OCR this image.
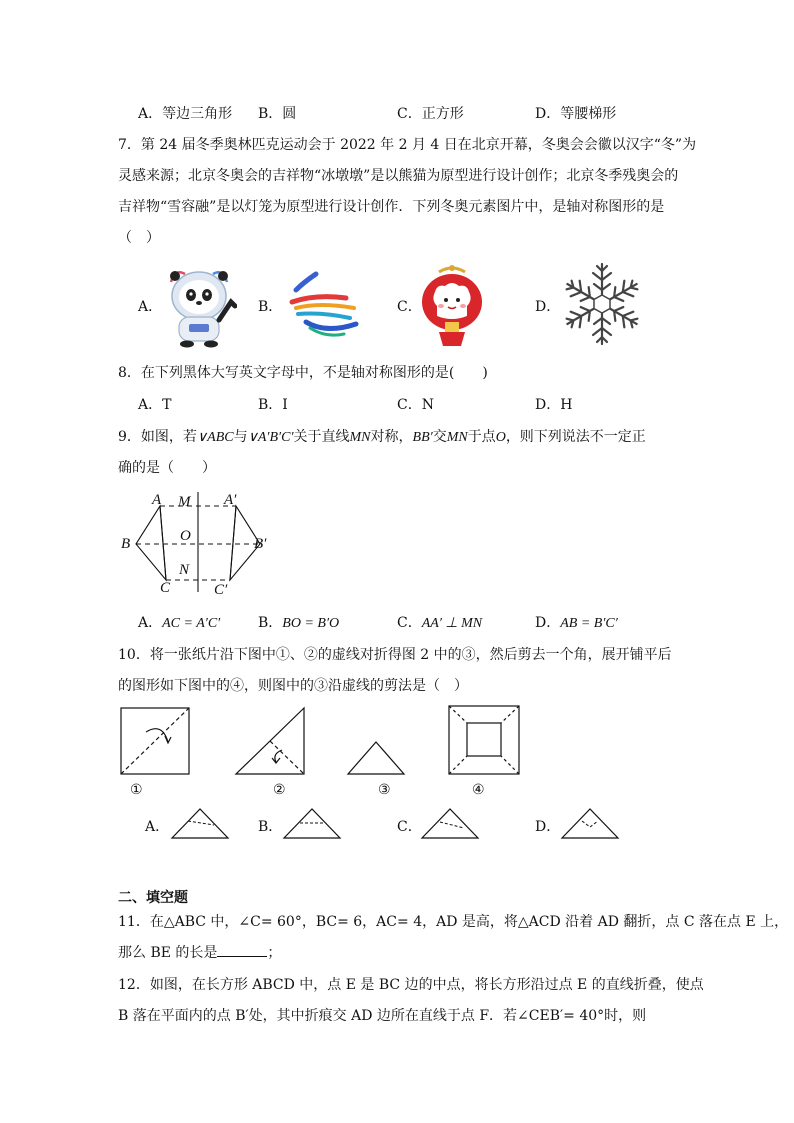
A．等边三角形 B．圆	C．正方形	D．等腰梯形
7．第 24 届冬季奥林匹克运动会于 2022 年 2 月 4 日在北京开幕，冬奥会会徽以汉字“冬”为
灵感来源；北京冬奥会的吉祥物“冰墩墩”是以熊猫为原型进行设计创作；北京冬季残奥会的
吉祥物“雪容融”是以灯笼为原型进行设计创作．下列冬奥元素图片中，是轴对称图形的是
（　）
A．	B．	C．	D．
8．在下列黑体大写英文字母中，不是轴对称图形的是(　　)
A．T	B．I	C．N	D．H
9．如图，若∨ABC与∨A′B′C′关于直线MN对称，BB′交MN于点O，则下列说法不一定正
确的是（　　）
A M A′
B	O	B′
C
N
C′
A．AC = A′C′	B．BO = B′O	C．AA′ ⊥ MN	D．AB = B′C′
10．将一张纸片沿下图中①、②的虚线对折得图 2 中的③，然后剪去一个角，展开铺平后
的图形如下图中的④，则图中的③沿虚线的剪法是（　）
①	②	③	④
A．	B．	C．	D．
二、填空题
11．在△ABC 中，∠C= 60°，BC= 6，AC= 4，AD 是高，将△ACD 沿着 AD 翻折，点 C 落在点 E 上，
那么 BE 的长是	；
12．如图，在长方形 ABCD 中，点 E 是 BC 边的中点，将长方形沿过点 E 的直线折叠，使点
B 落在平面内的点 B′处，其中折痕交 AD 边所在直线于点 F．若∠CEB′= 40°时，则
